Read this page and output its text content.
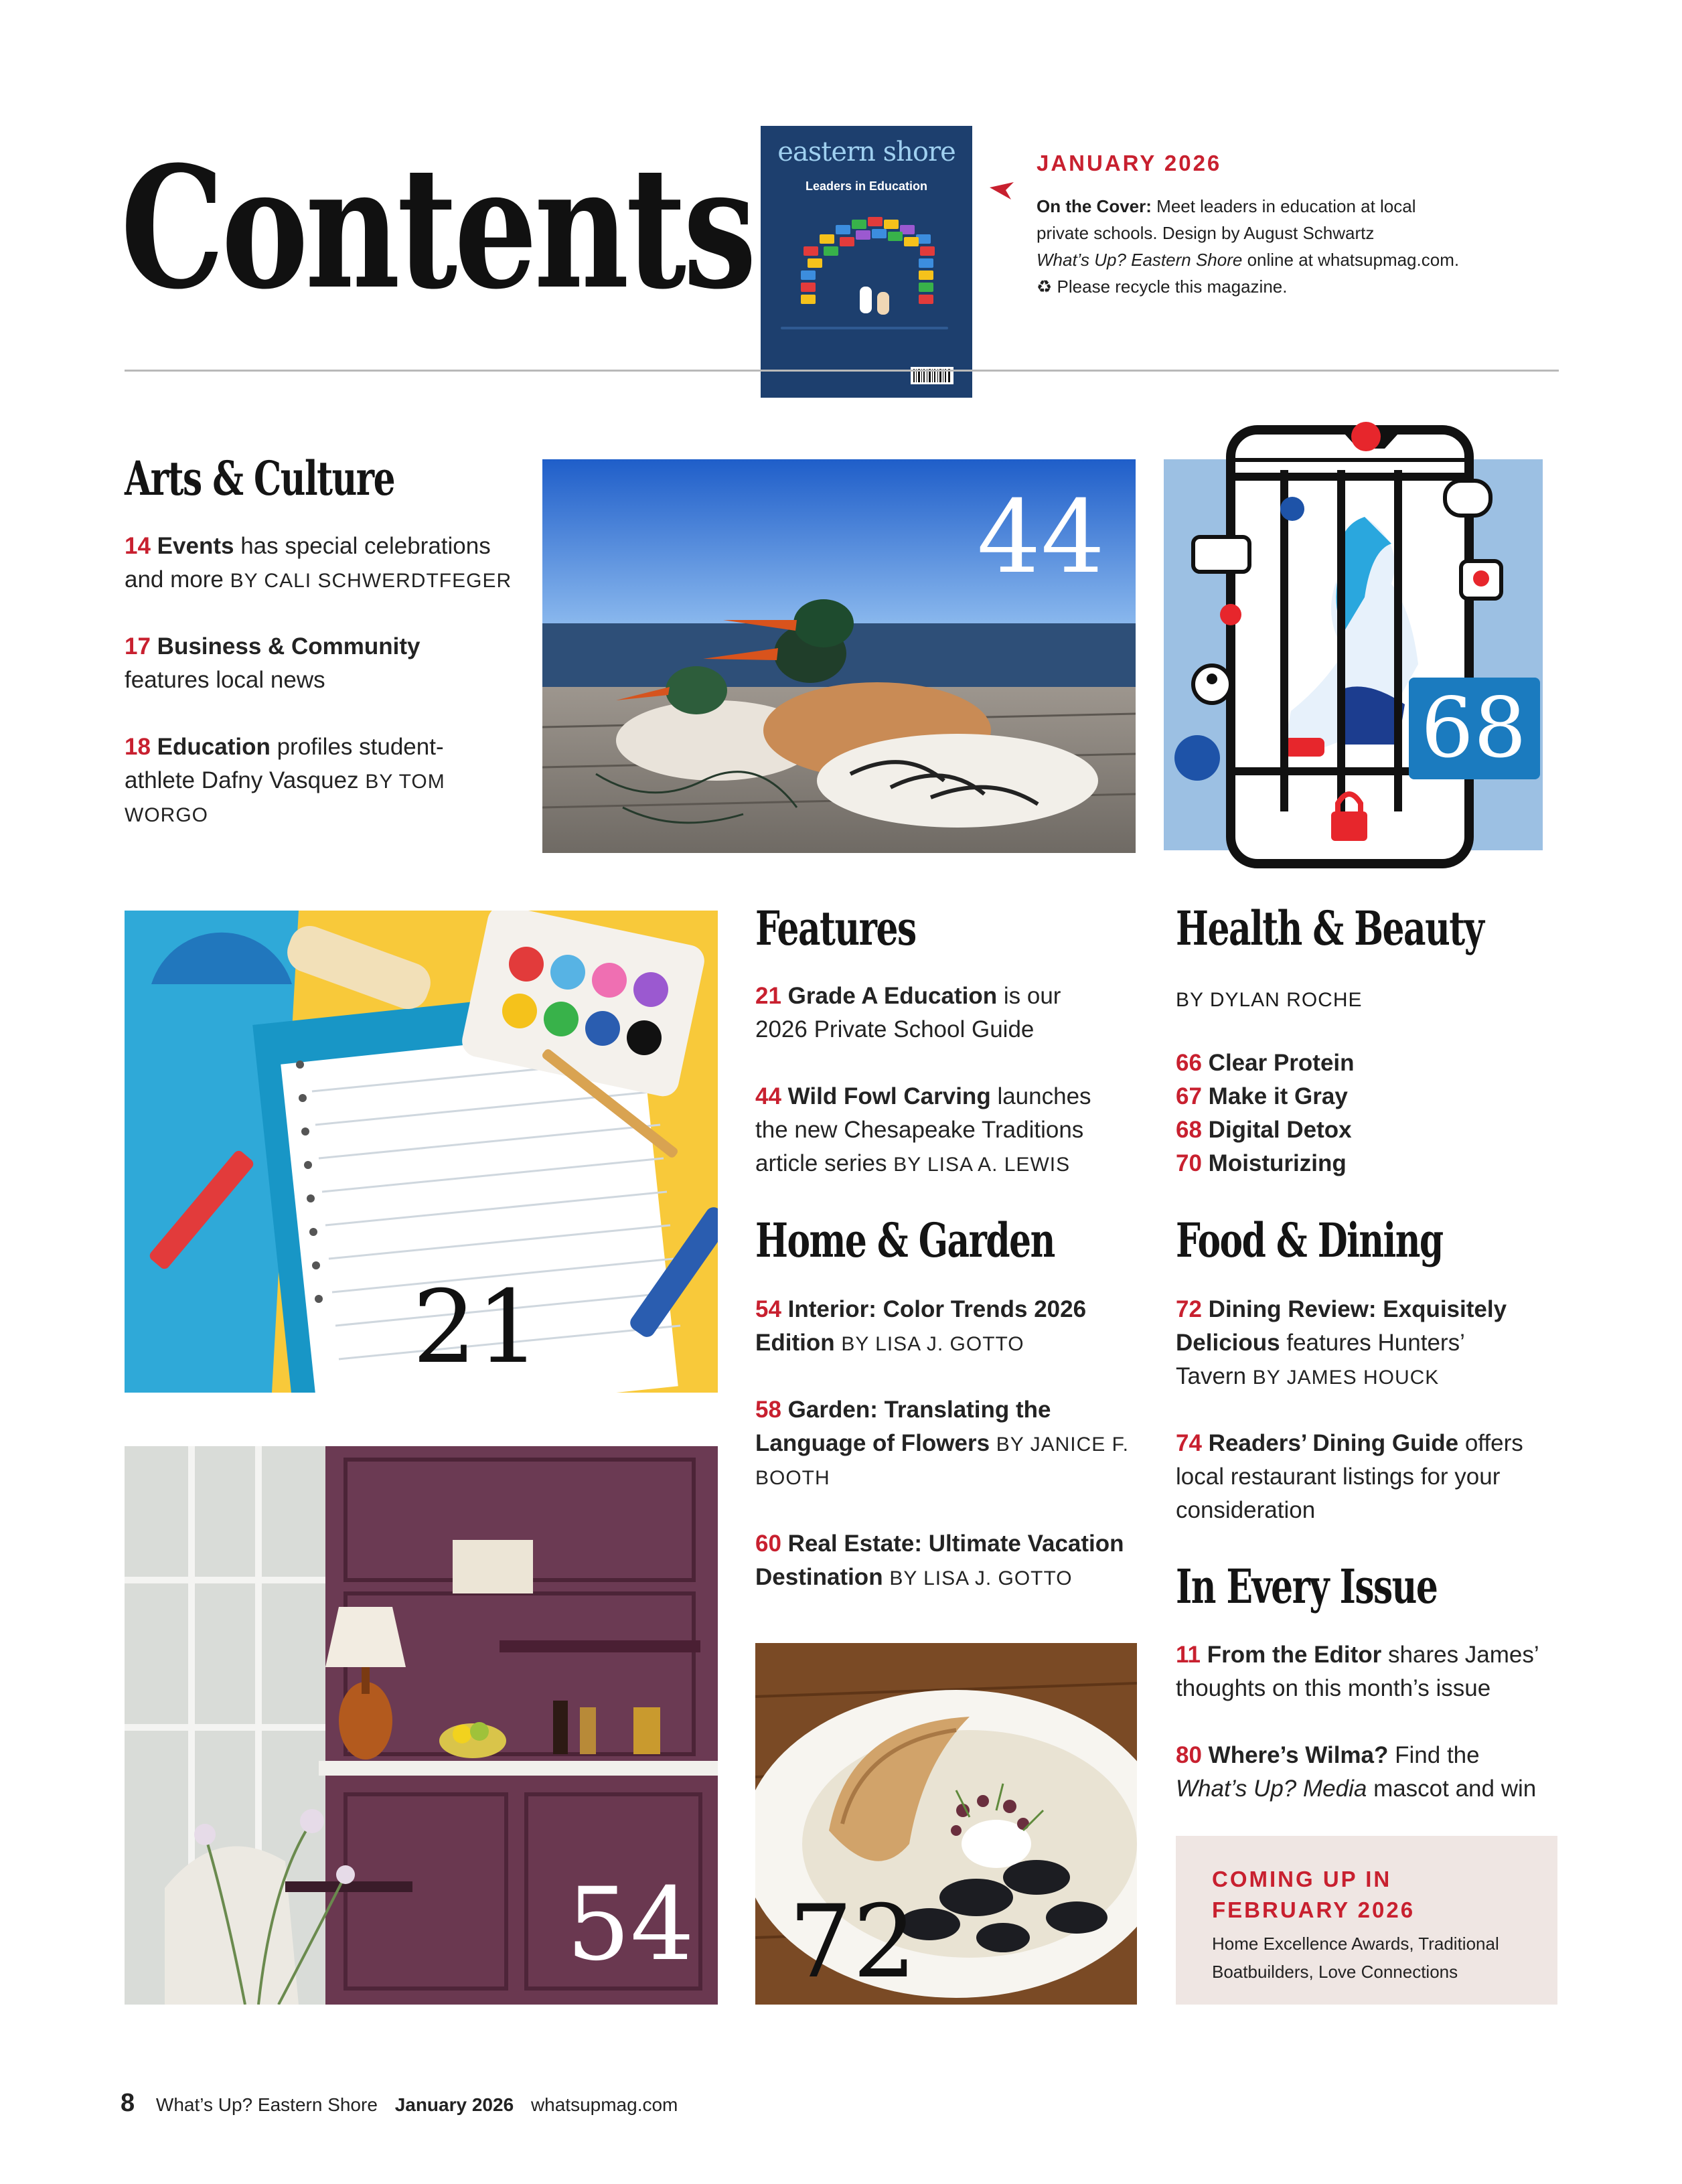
Contents eastern shore
Leaders in Education
JANUARY 2026
On the Cover: Meet leaders in education at local
private schools. Design by August Schwartz
What’s Up? Eastern Shore online at whatsupmag.com.
♻ Please recycle this magazine.
Arts & Culture
14 Events has special celebrations
and more BY CALI SCHWERDTFEGER
17 Business & Community
features local news
18 Education profiles student-
athlete Dafny Vasquez BY TOM
WORGO
44
68
21
Features
21 Grade A Education is our
2026 Private School Guide
44 Wild Fowl Carving launches
the new Chesapeake Traditions
article series BY LISA A. LEWIS
Health & Beauty
BY DYLAN ROCHE
66 Clear Protein
67 Make it Gray
68 Digital Detox
70 Moisturizing
Home & Garden
54 Interior: Color Trends 2026
Edition BY LISA J. GOTTO
58 Garden: Translating the
Language of Flowers BY JANICE F.
BOOTH
60 Real Estate: Ultimate Vacation
Destination BY LISA J. GOTTO
Food & Dining
72 Dining Review: Exquisitely
Delicious features Hunters’
Tavern BY JAMES HOUCK
74 Readers’ Dining Guide offers
local restaurant listings for your
consideration
In Every Issue
11 From the Editor shares James’
thoughts on this month’s issue
80 Where’s Wilma? Find the
What’s Up? Media mascot and win
54 72
COMING UP IN
FEBRUARY 2026
Home Excellence Awards, Traditional
Boatbuilders, Love Connections
8 What’s Up? Eastern Shore January 2026 whatsupmag.com
